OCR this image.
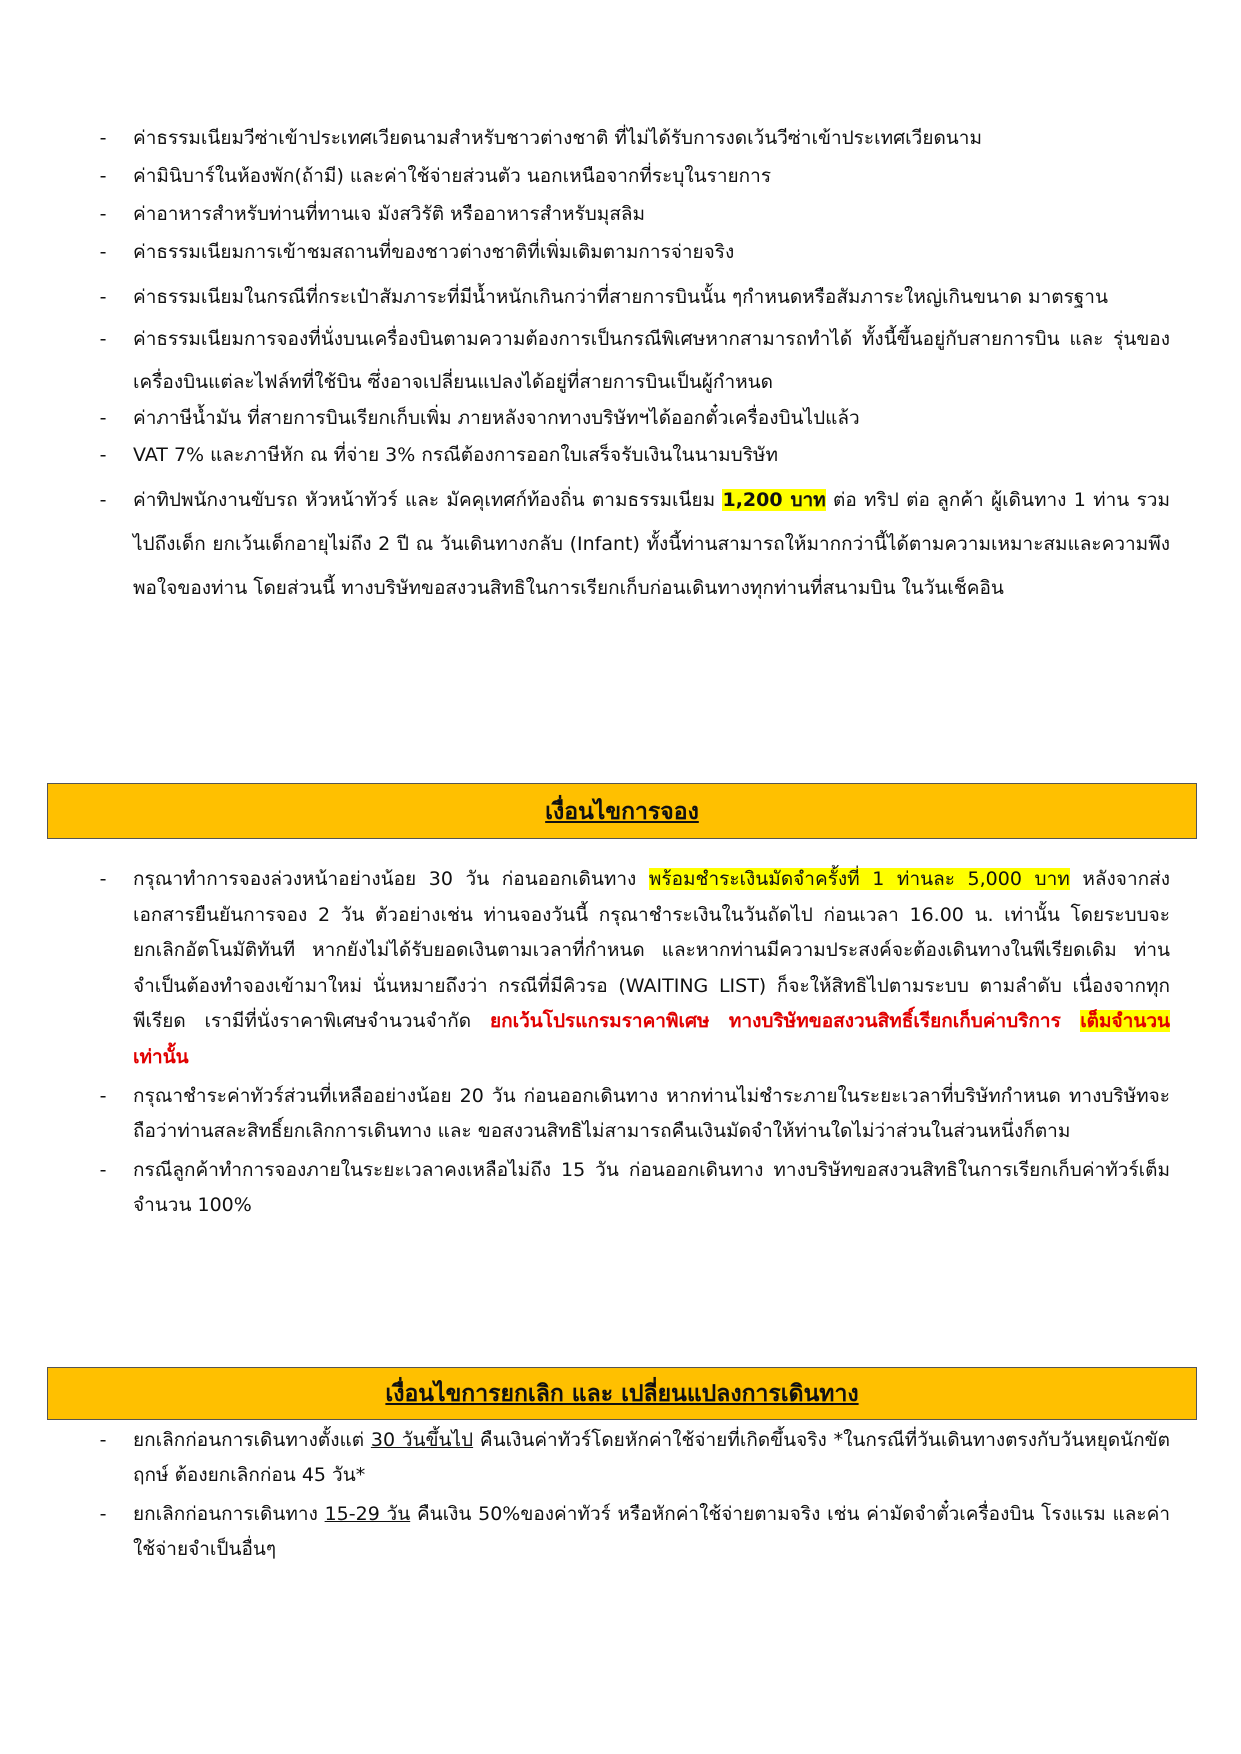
- ค่าธรรมเนียมวีซ่าเข้าประเทศเวียดนามสำหรับชาวต่างชาติ ที่ไม่ได้รับการงดเว้นวีซ่าเข้าประเทศเวียดนาม
- ค่ามินิบาร์ในห้องพัก(ถ้ามี) และค่าใช้จ่ายส่วนตัว นอกเหนือจากที่ระบุในรายการ
- ค่าอาหารสำหรับท่านที่ทานเจ มังสวิรัติ หรืออาหารสำหรับมุสลิม
- ค่าธรรมเนียมการเข้าชมสถานที่ของชาวต่างชาติที่เพิ่มเติมตามการจ่ายจริง
- ค่าธรรมเนียมในกรณีที่กระเป๋าสัมภาระที่มีน้ำหนักเกินกว่าที่สายการบินนั้น ๆกำหนดหรือสัมภาระใหญ่เกินขนาด มาตรฐาน
- ค่าธรรมเนียมการจองที่นั่งบนเครื่องบินตามความต้องการเป็นกรณีพิเศษหากสามารถทำได้ ทั้งนี้ขึ้นอยู่กับสายการบิน และ รุ่นของเครื่องบินแต่ละไฟล์ทที่ใช้บิน ซึ่งอาจเปลี่ยนแปลงได้อยู่ที่สายการบินเป็นผู้กำหนด
- ค่าภาษีน้ำมัน ที่สายการบินเรียกเก็บเพิ่ม ภายหลังจากทางบริษัทฯได้ออกตั๋วเครื่องบินไปแล้ว
- VAT 7% และภาษีหัก ณ ที่จ่าย 3% กรณีต้องการออกใบเสร็จรับเงินในนามบริษัท
- ค่าทิปพนักงานขับรถ หัวหน้าทัวร์ และ มัคคุเทศก์ท้องถิ่น ตามธรรมเนียม 1,200 บาท ต่อ ทริป ต่อ ลูกค้า ผู้เดินทาง 1 ท่าน รวมไปถึงเด็ก ยกเว้นเด็กอายุไม่ถึง 2 ปี ณ วันเดินทางกลับ (Infant) ทั้งนี้ท่านสามารถให้มากกว่านี้ได้ตามความเหมาะสมและความพึงพอใจของท่าน โดยส่วนนี้ ทางบริษัทขอสงวนสิทธิในการเรียกเก็บก่อนเดินทางทุกท่านที่สนามบิน ในวันเช็คอิน
เงื่อนไขการจอง
- กรุณาทำการจองล่วงหน้าอย่างน้อย 30 วัน ก่อนออกเดินทาง พร้อมชำระเงินมัดจำครั้งที่ 1 ท่านละ 5,000 บาท หลังจากส่งเอกสารยืนยันการจอง 2 วัน ตัวอย่างเช่น ท่านจองวันนี้ กรุณาชำระเงินในวันถัดไป ก่อนเวลา 16.00 น. เท่านั้น โดยระบบจะยกเลิกอัตโนมัติทันที หากยังไม่ได้รับยอดเงินตามเวลาที่กำหนด และหากท่านมีความประสงค์จะต้องเดินทางในพีเรียดเดิม ท่านจำเป็นต้องทำจองเข้ามาใหม่ นั่นหมายถึงว่า กรณีที่มีคิวรอ (WAITING LIST) ก็จะให้สิทธิไปตามระบบ ตามลำดับ เนื่องจากทุกพีเรียด เรามีที่นั่งราคาพิเศษจำนวนจำกัด ยกเว้นโปรแกรมราคาพิเศษ ทางบริษัทขอสงวนสิทธิ์เรียกเก็บค่าบริการ เต็มจำนวน เท่านั้น
- กรุณาชำระค่าทัวร์ส่วนที่เหลืออย่างน้อย 20 วัน ก่อนออกเดินทาง หากท่านไม่ชำระภายในระยะเวลาที่บริษัทกำหนด ทางบริษัทจะถือว่าท่านสละสิทธิ์ยกเลิกการเดินทาง และ ขอสงวนสิทธิไม่สามารถคืนเงินมัดจำให้ท่านใดไม่ว่าส่วนในส่วนหนึ่งก็ตาม
- กรณีลูกค้าทำการจองภายในระยะเวลาคงเหลือไม่ถึง 15 วัน ก่อนออกเดินทาง ทางบริษัทขอสงวนสิทธิในการเรียกเก็บค่าทัวร์เต็มจำนวน 100%
เงื่อนไขการยกเลิก และ เปลี่ยนแปลงการเดินทาง
- ยกเลิกก่อนการเดินทางตั้งแต่ 30 วันขึ้นไป คืนเงินค่าทัวร์โดยหักค่าใช้จ่ายที่เกิดขึ้นจริง *ในกรณีที่วันเดินทางตรงกับวันหยุดนักขัตฤกษ์ ต้องยกเลิกก่อน 45 วัน*
- ยกเลิกก่อนการเดินทาง 15-29 วัน คืนเงิน 50%ของค่าทัวร์ หรือหักค่าใช้จ่ายตามจริง เช่น ค่ามัดจำตั๋วเครื่องบิน โรงแรม และค่าใช้จ่ายจำเป็นอื่นๆ
